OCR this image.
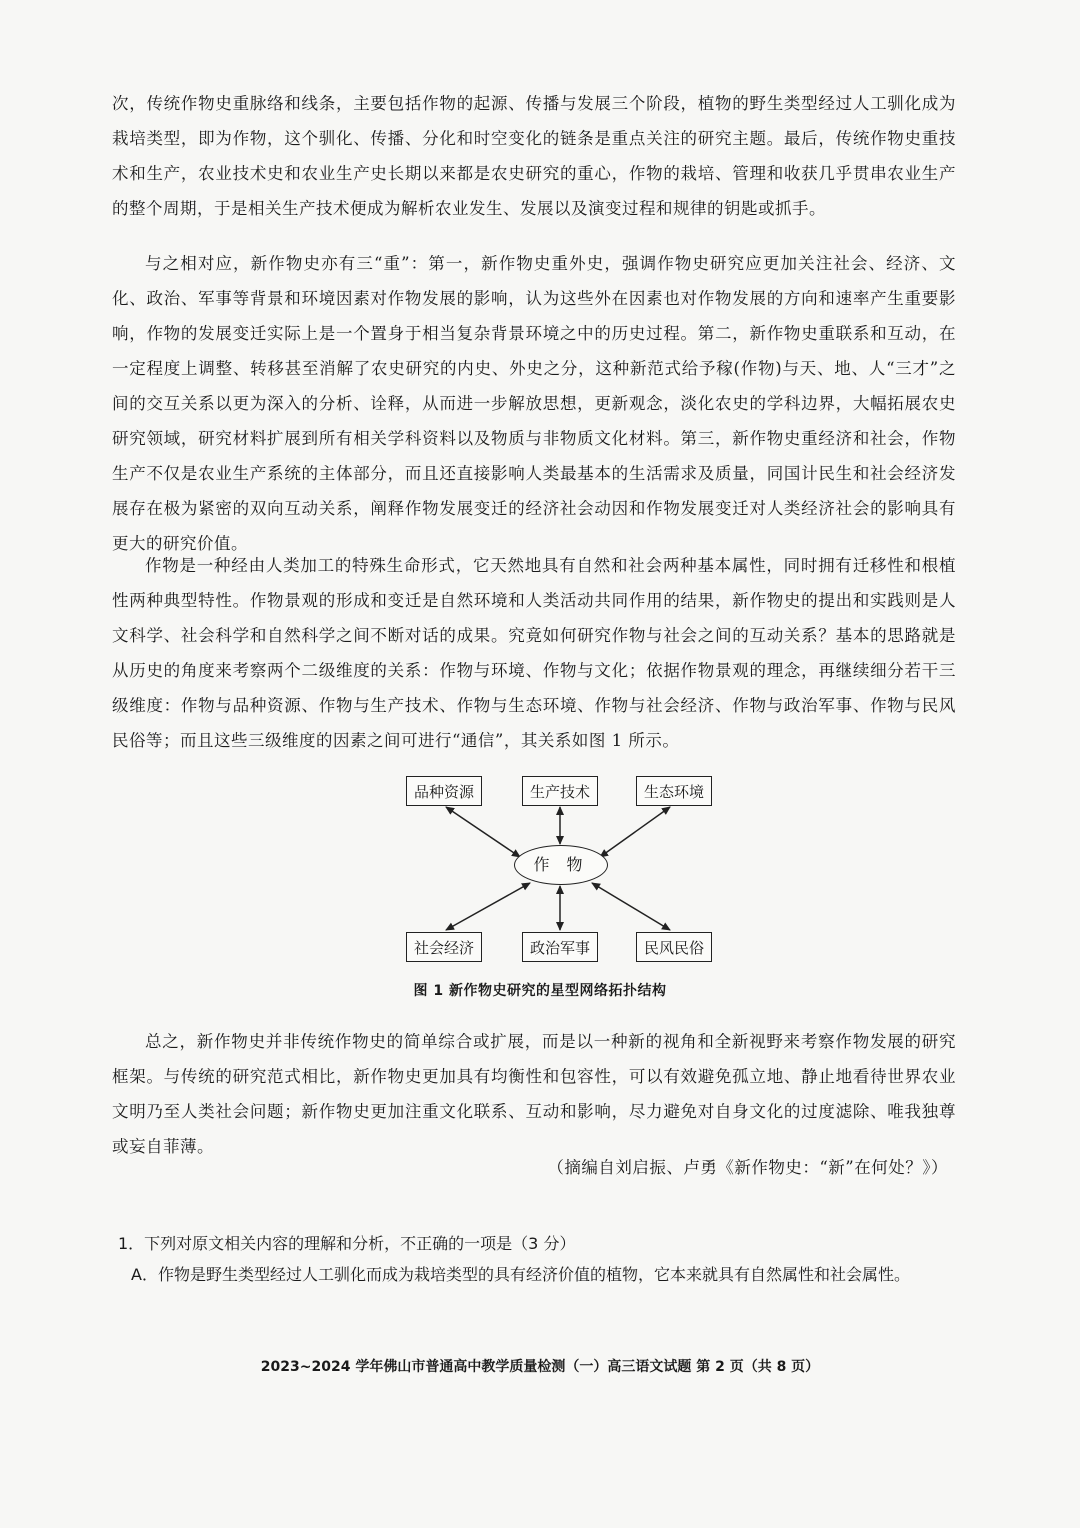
次，传统作物史重脉络和线条，主要包括作物的起源、传播与发展三个阶段，植物的野生类型经过人工驯化成为栽培类型，即为作物，这个驯化、传播、分化和时空变化的链条是重点关注的研究主题。最后，传统作物史重技术和生产，农业技术史和农业生产史长期以来都是农史研究的重心，作物的栽培、管理和收获几乎贯串农业生产的整个周期，于是相关生产技术便成为解析农业发生、发展以及演变过程和规律的钥匙或抓手。

与之相对应，新作物史亦有三“重”：第一，新作物史重外史，强调作物史研究应更加关注社会、经济、文化、政治、军事等背景和环境因素对作物发展的影响，认为这些外在因素也对作物发展的方向和速率产生重要影响，作物的发展变迁实际上是一个置身于相当复杂背景环境之中的历史过程。第二，新作物史重联系和互动，在一定程度上调整、转移甚至消解了农史研究的内史、外史之分，这种新范式给予稼(作物)与天、地、人“三才”之间的交互关系以更为深入的分析、诠释，从而进一步解放思想，更新观念，淡化农史的学科边界，大幅拓展农史研究领域，研究材料扩展到所有相关学科资料以及物质与非物质文化材料。第三，新作物史重经济和社会，作物生产不仅是农业生产系统的主体部分，而且还直接影响人类最基本的生活需求及质量，同国计民生和社会经济发展存在极为紧密的双向互动关系，阐释作物发展变迁的经济社会动因和作物发展变迁对人类经济社会的影响具有更大的研究价值。

作物是一种经由人类加工的特殊生命形式，它天然地具有自然和社会两种基本属性，同时拥有迁移性和根植性两种典型特性。作物景观的形成和变迁是自然环境和人类活动共同作用的结果，新作物史的提出和实践则是人文科学、社会科学和自然科学之间不断对话的成果。究竟如何研究作物与社会之间的互动关系？基本的思路就是从历史的角度来考察两个二级维度的关系：作物与环境、作物与文化；依据作物景观的理念，再继续细分若干三级维度：作物与品种资源、作物与生产技术、作物与生态环境、作物与社会经济、作物与政治军事、作物与民风民俗等；而且这些三级维度的因素之间可进行“通信”，其关系如图 1 所示。

品种资源	生产技术	生态环境
作 物
社会经济	政治军事	民风民俗
图 1 新作物史研究的星型网络拓扑结构

总之，新作物史并非传统作物史的简单综合或扩展，而是以一种新的视角和全新视野来考察作物发展的研究框架。与传统的研究范式相比，新作物史更加具有均衡性和包容性，可以有效避免孤立地、静止地看待世界农业文明乃至人类社会问题；新作物史更加注重文化联系、互动和影响，尽力避免对自身文化的过度滤除、唯我独尊或妄自菲薄。

（摘编自刘启振、卢勇《新作物史：“新”在何处？》）
1．下列对原文相关内容的理解和分析，不正确的一项是（3 分）
A．作物是野生类型经过人工驯化而成为栽培类型的具有经济价值的植物，它本来就具有自然属性和社会属性。
2023~2024 学年佛山市普通高中教学质量检测（一）高三语文试题 第 2 页（共 8 页）
